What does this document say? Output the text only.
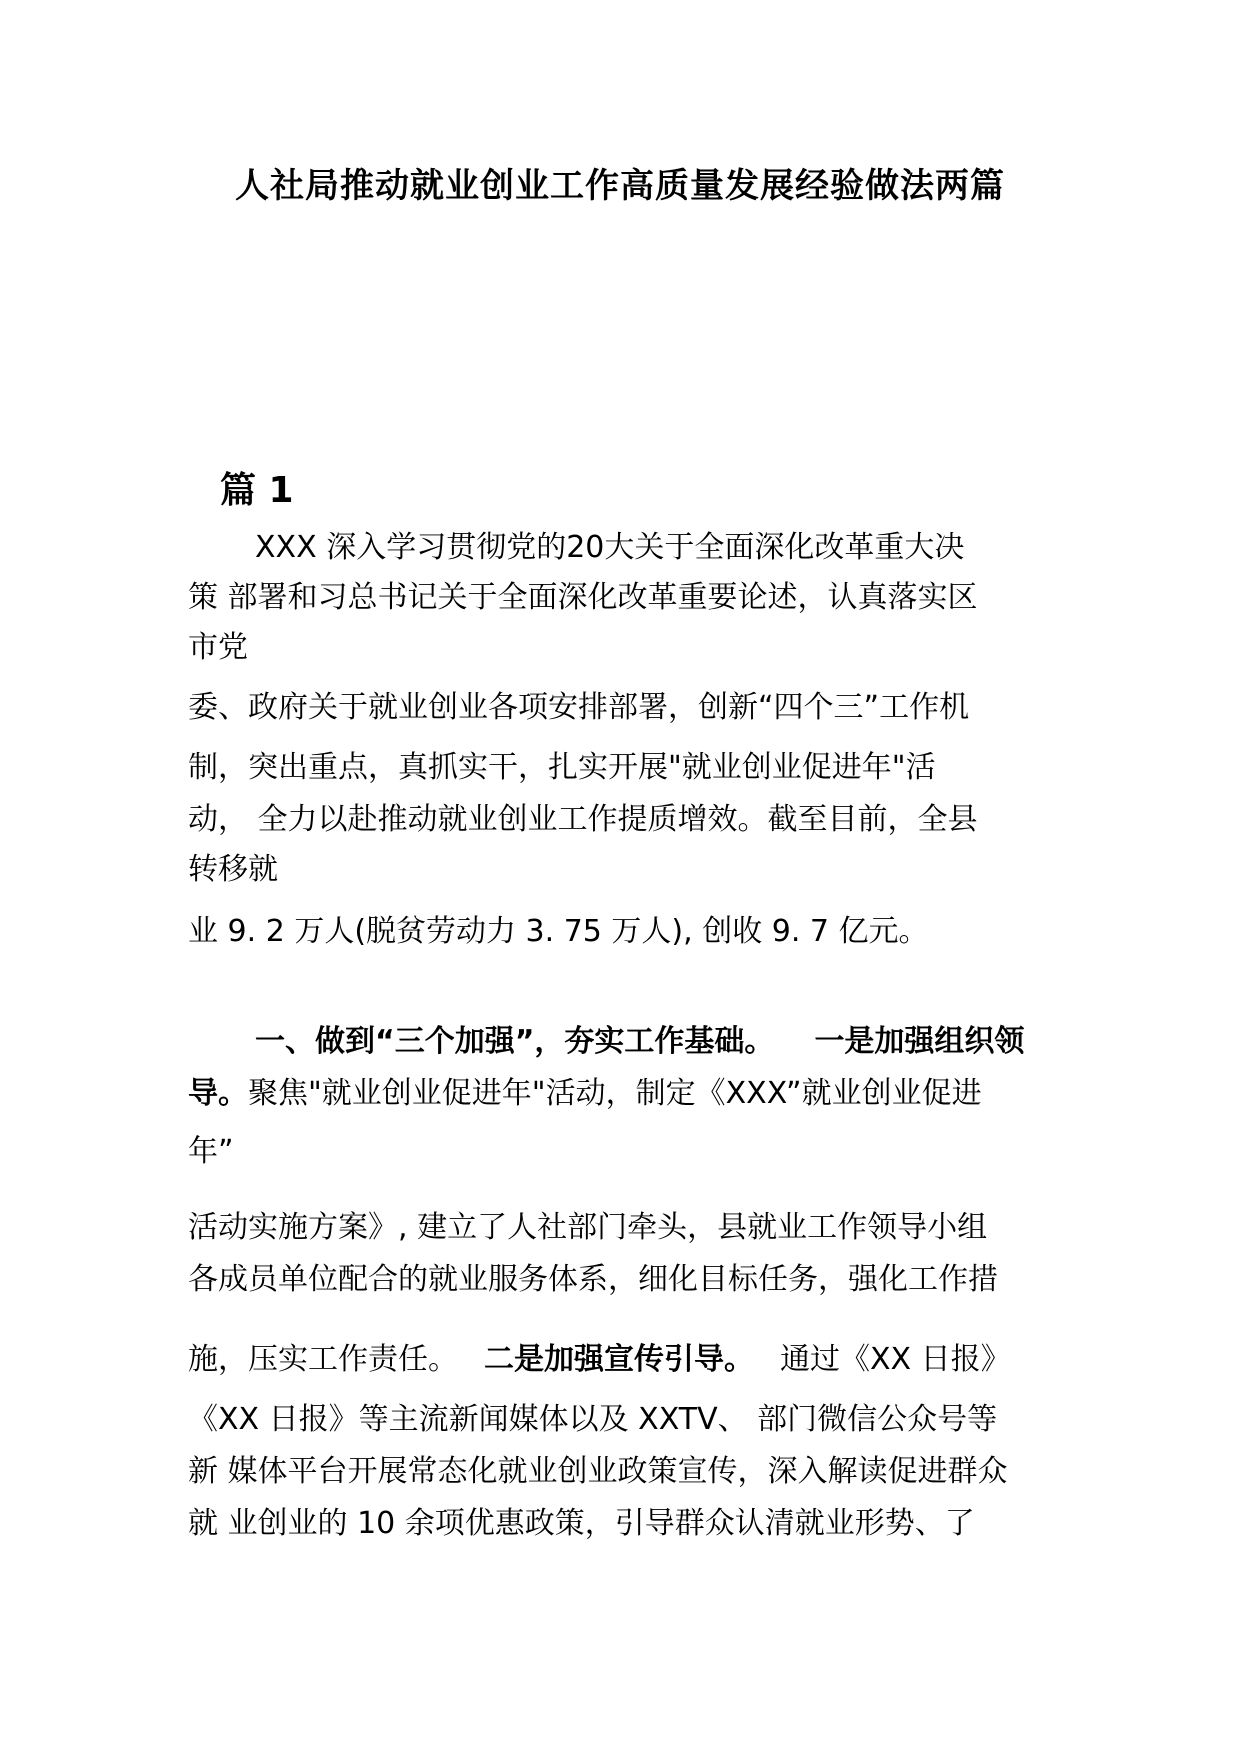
人社局推动就业创业工作高质量发展经验做法两篇
篇 1

XXX 深入学习贯彻党的20大关于全面深化改革重大决

策 部署和习总书记关于全面深化改革重要论述，认真落实区

市党

委、政府关于就业创业各项安排部署，创新“四个三”工作机

制，突出重点，真抓实干，扎实开展"就业创业促进年"活

动， 全力以赴推动就业创业工作提质增效。截至目前，全县

转移就

业 9. 2 万人(脱贫劳动力 3. 75 万人), 创收 9. 7 亿元。

一、做到“三个加强”，夯实工作基础。 一是加强组织领

导。聚焦"就业创业促进年"活动，制定《XXX”就业创业促进

年”

活动实施方案》, 建立了人社部门牵头，县就业工作领导小组

各成员单位配合的就业服务体系，细化目标任务，强化工作措

施，压实工作责任。 二是加强宣传引导。 通过《XX 日报》

《XX 日报》等主流新闻媒体以及 XXTV、 部门微信公众号等

新 媒体平台开展常态化就业创业政策宣传，深入解读促进群众

就 业创业的 10 余项优惠政策，引导群众认清就业形势、了
